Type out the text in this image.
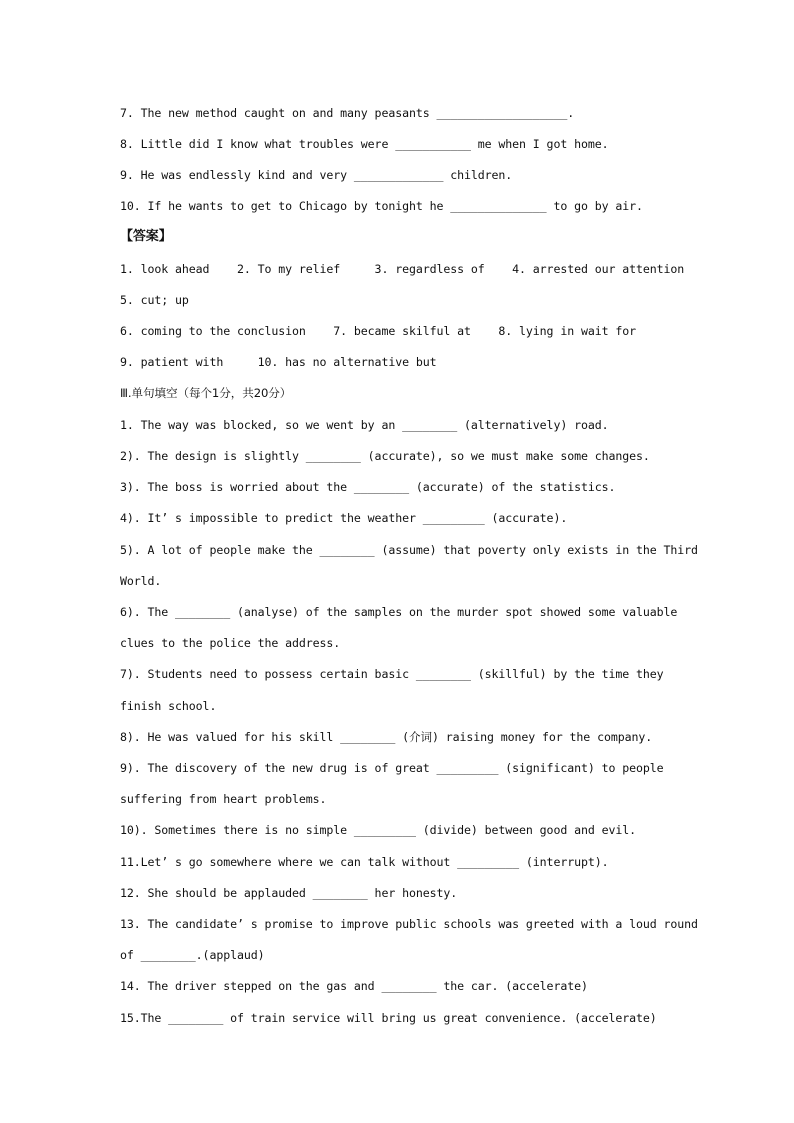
7. The new method caught on and many peasants ___________________.
8. Little did I know what troubles were ___________ me when I got home.
9. He was endlessly kind and very _____________ children.
10. If he wants to get to Chicago by tonight he ______________ to go by air.
【答案】
1. look ahead    2. To my relief     3. regardless of    4. arrested our attention
5. cut; up
6. coming to the conclusion    7. became skilful at    8. lying in wait for
9. patient with     10. has no alternative but
Ⅲ.单句填空（每个1分，共20分）
1. The way was blocked, so we went by an ________ (alternatively) road.
2). The design is slightly ________ (accurate), so we must make some changes.
3). The boss is worried about the ________ (accurate) of the statistics.
4). It’ s impossible to predict the weather _________ (accurate).
5). A lot of people make the ________ (assume) that poverty only exists in the Third
World.
6). The ________ (analyse) of the samples on the murder spot showed some valuable
clues to the police the address.
7). Students need to possess certain basic ________ (skillful) by the time they
finish school.
8). He was valued for his skill ________ (介词) raising money for the company.
9). The discovery of the new drug is of great _________ (significant) to people
suffering from heart problems.
10). Sometimes there is no simple _________ (divide) between good and evil.
11.Let’ s go somewhere where we can talk without _________ (interrupt).
12. She should be applauded ________ her honesty.
13. The candidate’ s promise to improve public schools was greeted with a loud round
of ________.(applaud)
14. The driver stepped on the gas and ________ the car. (accelerate)
15.The ________ of train service will bring us great convenience. (accelerate)
